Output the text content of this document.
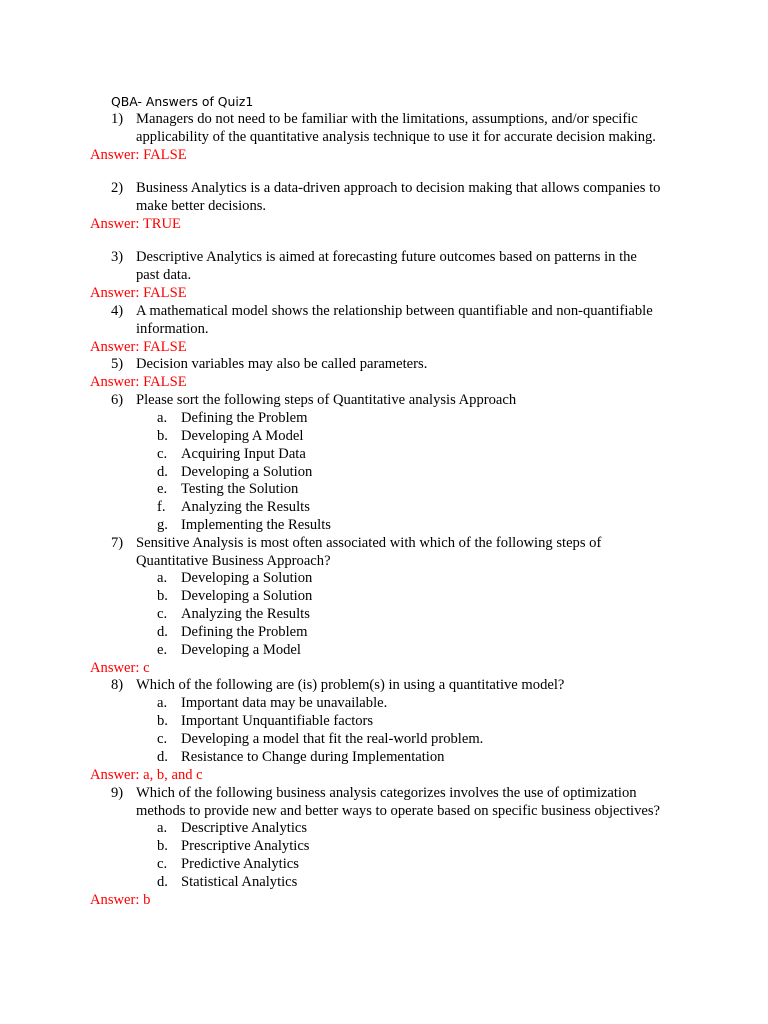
QBA- Answers of Quiz1
1) Managers do not need to be familiar with the limitations, assumptions, and/or specific
applicability of the quantitative analysis technique to use it for accurate decision making.
Answer: FALSE
2) Business Analytics is a data-driven approach to decision making that allows companies to
make better decisions.
Answer: TRUE
3) Descriptive Analytics is aimed at forecasting future outcomes based on patterns in the
past data.
Answer: FALSE
4) A mathematical model shows the relationship between quantifiable and non-quantifiable
information.
Answer: FALSE
5) Decision variables may also be called parameters.
Answer: FALSE
6) Please sort the following steps of Quantitative analysis Approach
a. Defining the Problem
b. Developing A Model
c. Acquiring Input Data
d. Developing a Solution
e. Testing the Solution
f. Analyzing the Results
g. Implementing the Results
7) Sensitive Analysis is most often associated with which of the following steps of
Quantitative Business Approach?
a. Developing a Solution
b. Developing a Solution
c. Analyzing the Results
d. Defining the Problem
e. Developing a Model
Answer: c
8) Which of the following are (is) problem(s) in using a quantitative model?
a. Important data may be unavailable.
b. Important Unquantifiable factors
c. Developing a model that fit the real-world problem.
d. Resistance to Change during Implementation
Answer: a, b, and c
9) Which of the following business analysis categorizes involves the use of optimization
methods to provide new and better ways to operate based on specific business objectives?
a. Descriptive Analytics
b. Prescriptive Analytics
c. Predictive Analytics
d. Statistical Analytics
Answer: b
